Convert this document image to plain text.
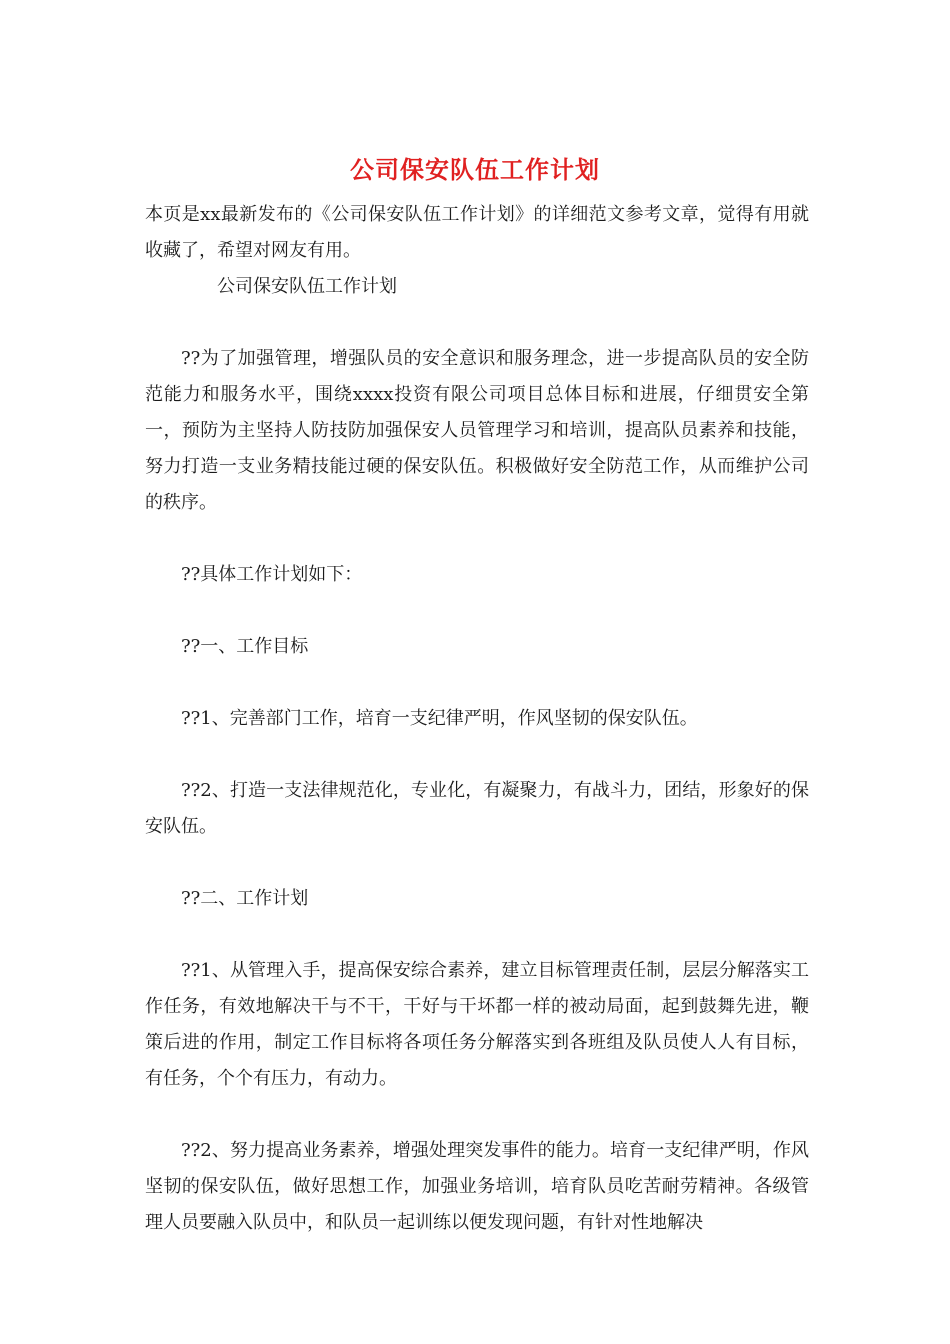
公司保安队伍工作计划

本页是xx最新发布的《公司保安队伍工作计划》的详细范文参考文章，觉得有用就收藏了，希望对网友有用。

公司保安队伍工作计划

??为了加强管理，增强队员的安全意识和服务理念，进一步提高队员的安全防范能力和服务水平，围绕xxxx投资有限公司项目总体目标和进展，仔细贯安全第一，预防为主坚持人防技防加强保安人员管理学习和培训，提高队员素养和技能，努力打造一支业务精技能过硬的保安队伍。积极做好安全防范工作，从而维护公司的秩序。

??具体工作计划如下：

??一、工作目标

??1、完善部门工作，培育一支纪律严明，作风坚韧的保安队伍。

??2、打造一支法律规范化，专业化，有凝聚力，有战斗力，团结，形象好的保安队伍。

??二、工作计划

??1、从管理入手，提高保安综合素养，建立目标管理责任制，层层分解落实工作任务，有效地解决干与不干，干好与干坏都一样的被动局面，起到鼓舞先进，鞭策后进的作用，制定工作目标将各项任务分解落实到各班组及队员使人人有目标，有任务，个个有压力，有动力。

??2、努力提高业务素养，增强处理突发事件的能力。培育一支纪律严明，作风坚韧的保安队伍，做好思想工作，加强业务培训，培育队员吃苦耐劳精神。各级管理人员要融入队员中，和队员一起训练以便发现问题，有针对性地解决
